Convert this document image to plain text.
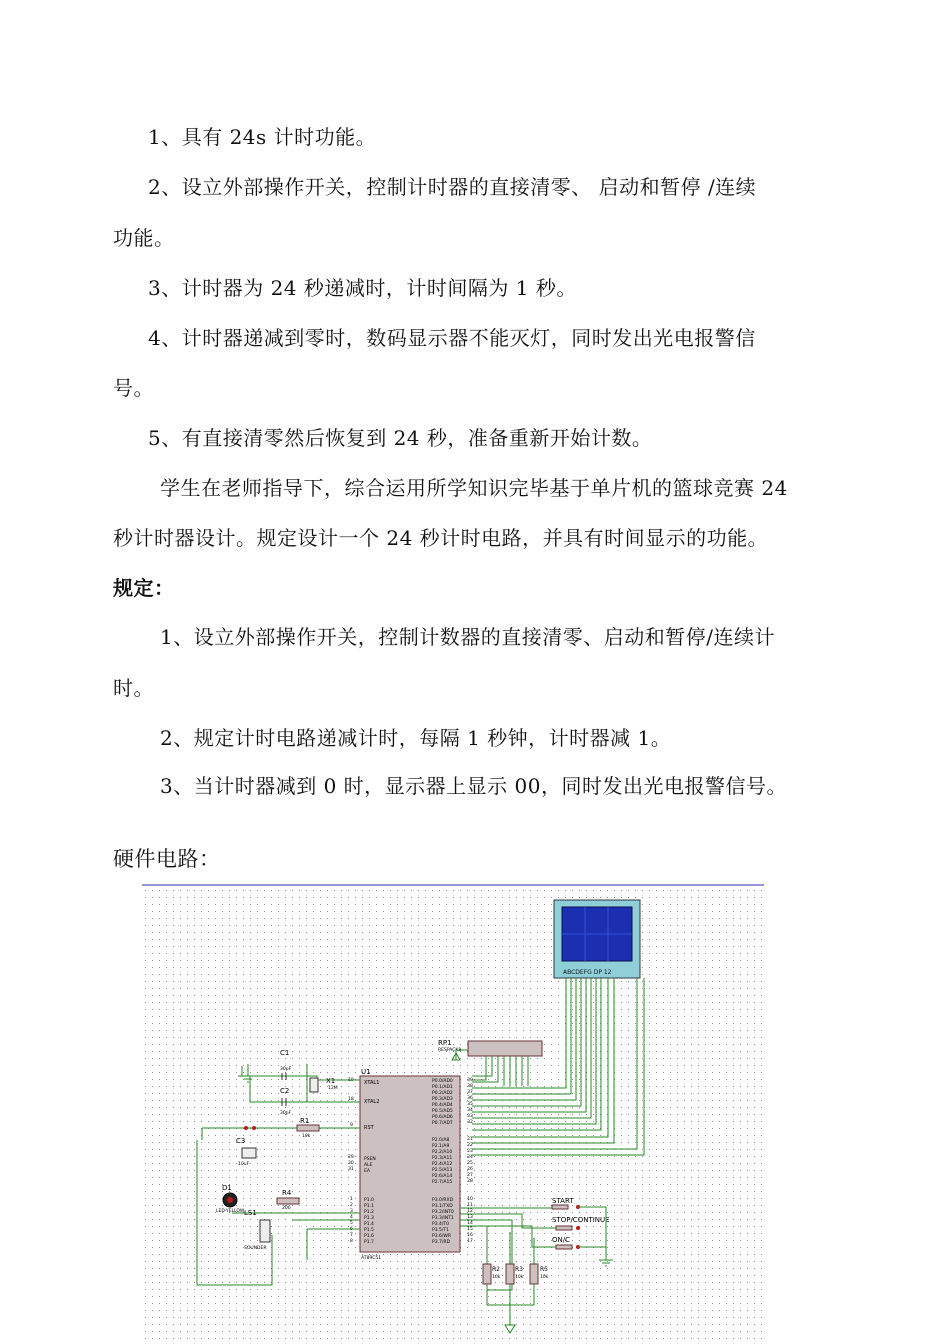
1、具有 24s 计时功能。
2、设立外部操作开关，控制计时器的直接清零、 启动和暂停 /连续
功能。
3、计时器为 24 秒递减时，计时间隔为 1 秒。
4、计时器递减到零时，数码显示器不能灭灯，同时发出光电报警信
号。
5、有直接清零然后恢复到 24 秒，准备重新开始计数。
学生在老师指导下，综合运用所学知识完毕基于单片机的篮球竞赛 24
秒计时器设计。规定设计一个 24 秒计时电路，并具有时间显示的功能。
规定：
1、设立外部操作开关，控制计数器的直接清零、启动和暂停/连续计
时。
2、规定计时电路递减计时，每隔 1 秒钟，计时器减 1。
3、当计时器减到 0 时，显示器上显示 00，同时发出光电报警信号。
硬件电路：
ABCDEFG DP 12
RP1
RESPACK8
U1
AT89C51
XTAL1
XTAL2
RST
PSEN
ALE
EA
19
18
9
29
30
31
P0.0/AD0	39
P0.1/AD1	38
P0.2/AD2	37
P0.3/AD3	36
P0.4/AD4	35
P0.5/AD5	34
P0.6/AD6	33
P0.7/AD7	32
P2.0/A8	21
P2.1/A9	22
P2.2/A10	23
P2.3/A11	24
P2.4/A12	25
P2.5/A13	26
P2.6/A14	27
P2.7/A15	28
P1.0
1
P1.1
2
P1.2
3
P1.3
4
P1.4
5
P1.5
6
P1.6
7
P1.7
8
P3.0/RXD	10
P3.1/TXD	11
P3.2/INT0	12
P3.3/INT1	13
P3.4/T0	14
P3.5/T1	15
P3.6/WR	16
P3.7/RD	17
C1
30pF
X1
12M
C2
30pF
R1
10k
C3
10uF
D1
LED-YELLOW
R4
200
LS1
SOUNDER
START
STOP/CONTINUE
ON/C
R2	R3	R5
10k	10k	10k
